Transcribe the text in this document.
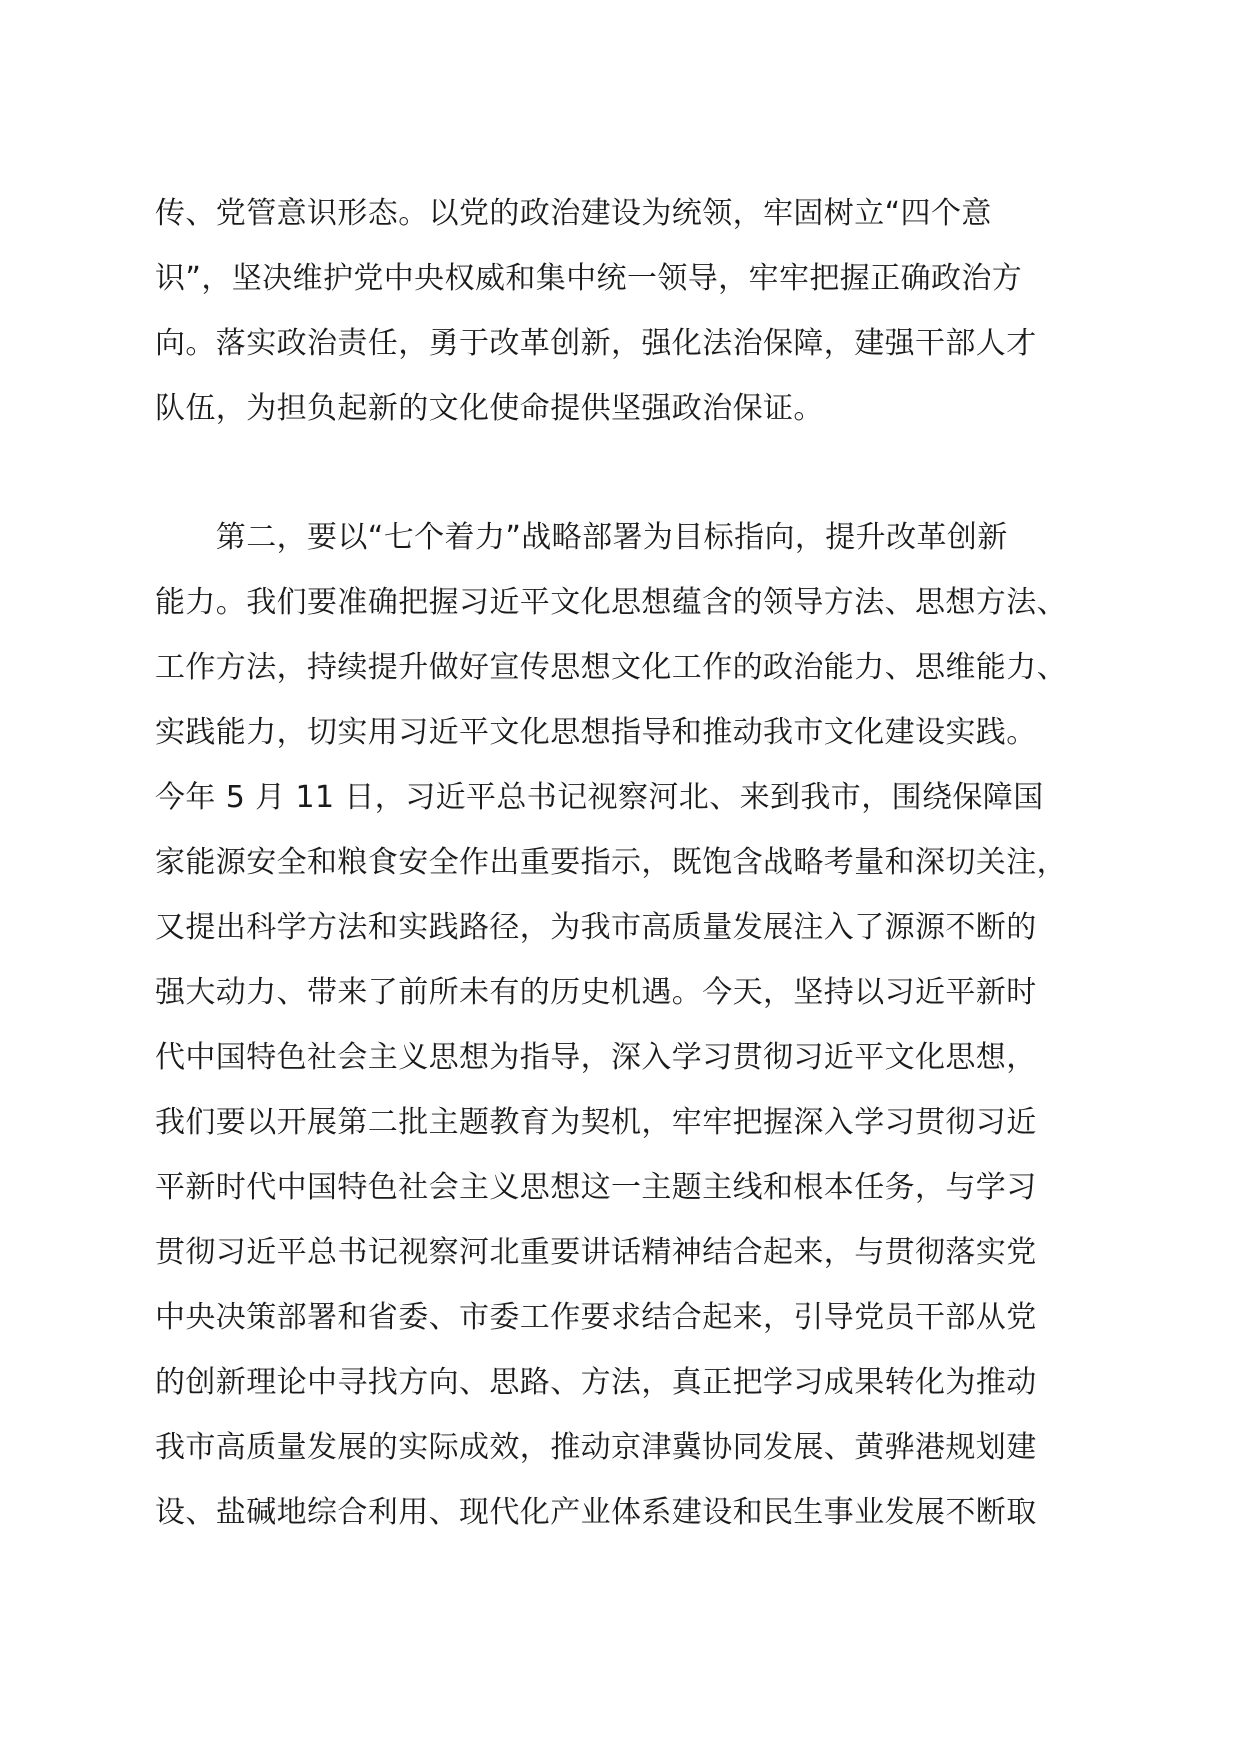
传、党管意识形态。以党的政治建设为统领，牢固树立“四个意
识”，坚决维护党中央权威和集中统一领导，牢牢把握正确政治方
向。落实政治责任，勇于改革创新，强化法治保障，建强干部人才
队伍，为担负起新的文化使命提供坚强政治保证。
　　第二，要以“七个着力”战略部署为目标指向，提升改革创新
能力。我们要准确把握习近平文化思想蕴含的领导方法、思想方法、
工作方法，持续提升做好宣传思想文化工作的政治能力、思维能力、
实践能力，切实用习近平文化思想指导和推动我市文化建设实践。
今年 5 月 11 日，习近平总书记视察河北、来到我市，围绕保障国
家能源安全和粮食安全作出重要指示，既饱含战略考量和深切关注，
又提出科学方法和实践路径，为我市高质量发展注入了源源不断的
强大动力、带来了前所未有的历史机遇。今天，坚持以习近平新时
代中国特色社会主义思想为指导，深入学习贯彻习近平文化思想，
我们要以开展第二批主题教育为契机，牢牢把握深入学习贯彻习近
平新时代中国特色社会主义思想这一主题主线和根本任务，与学习
贯彻习近平总书记视察河北重要讲话精神结合起来，与贯彻落实党
中央决策部署和省委、市委工作要求结合起来，引导党员干部从党
的创新理论中寻找方向、思路、方法，真正把学习成果转化为推动
我市高质量发展的实际成效，推动京津冀协同发展、黄骅港规划建
设、盐碱地综合利用、现代化产业体系建设和民生事业发展不断取
